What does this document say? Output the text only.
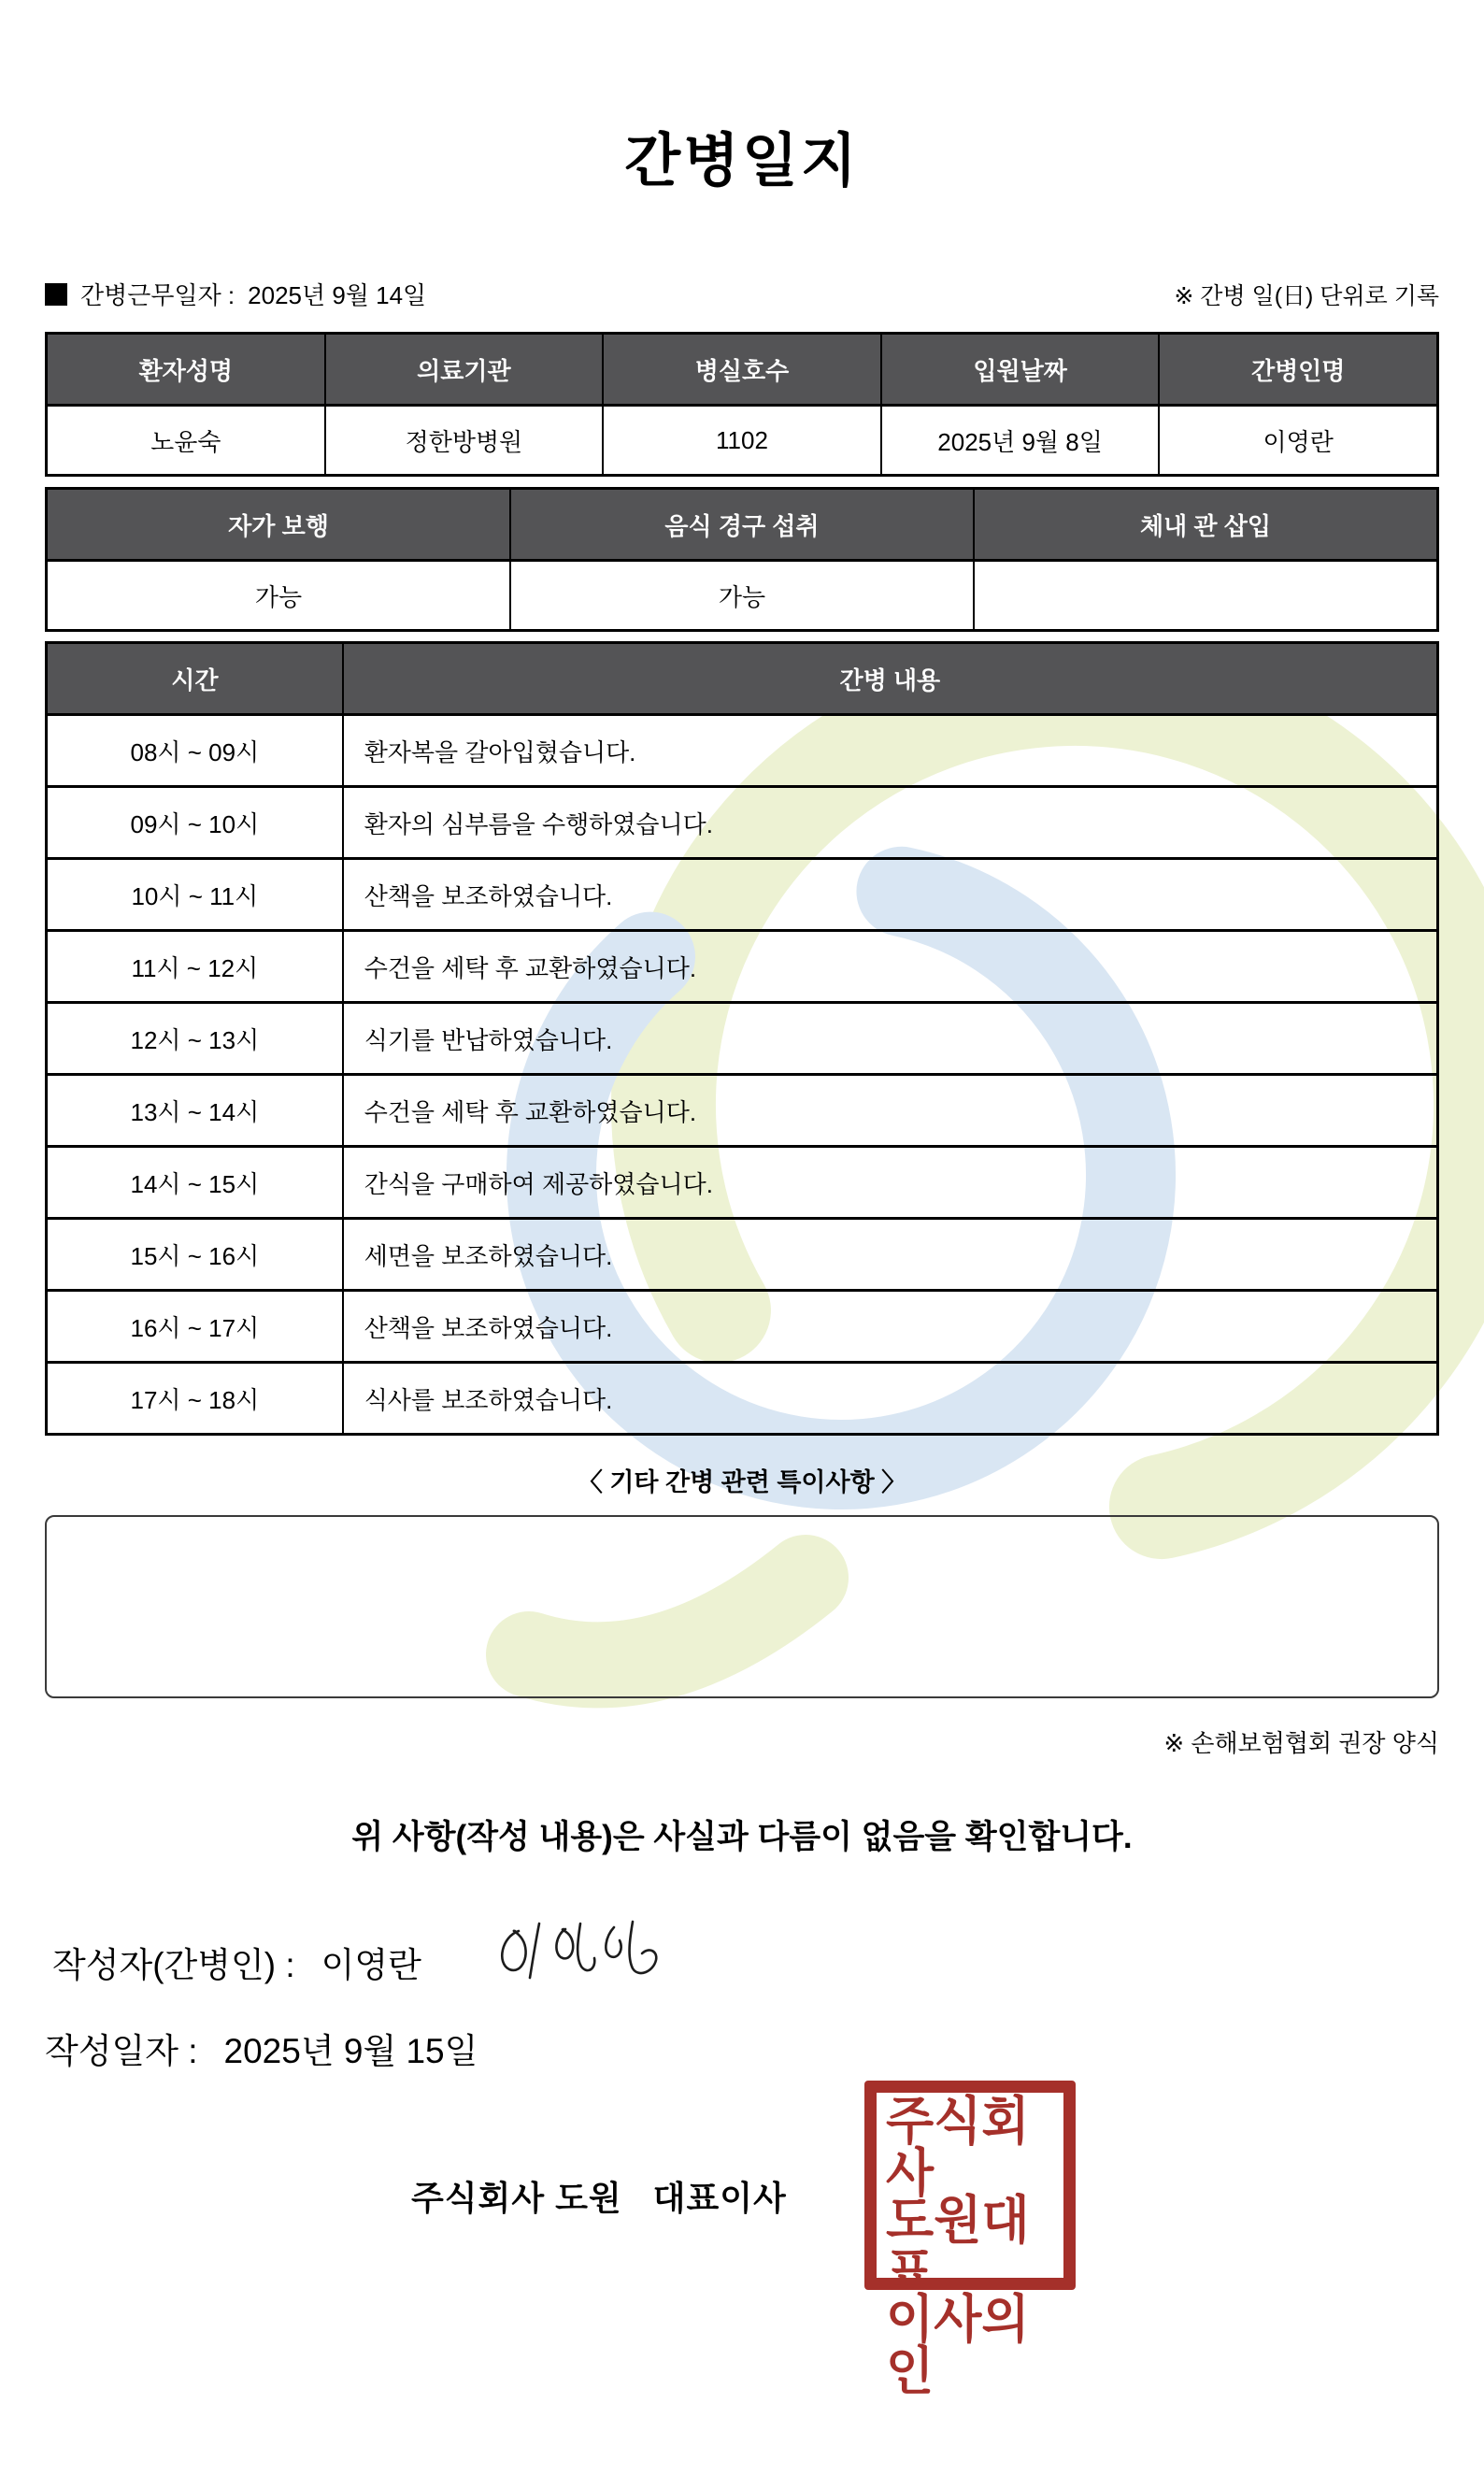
간병일지
간병근무일자 : 2025년 9월 14일	※ 간병 일(日) 단위로 기록
환자성명	의료기관	병실호수	입원날짜	간병인명
노윤숙	정한방병원	1102	2025년 9월 8일	이영란
자가 보행	음식 경구 섭취	체내 관 삽입
가능	가능	
시간	간병 내용
08시 ~ 09시	환자복을 갈아입혔습니다.
09시 ~ 10시	환자의 심부름을 수행하였습니다.
10시 ~ 11시	산책을 보조하였습니다.
11시 ~ 12시	수건을 세탁 후 교환하였습니다.
12시 ~ 13시	식기를 반납하였습니다.
13시 ~ 14시	수건을 세탁 후 교환하였습니다.
14시 ~ 15시	간식을 구매하여 제공하였습니다.
15시 ~ 16시	세면을 보조하였습니다.
16시 ~ 17시	산책을 보조하였습니다.
17시 ~ 18시	식사를 보조하였습니다.
〈 기타 간병 관련 특이사항 〉
※ 손해보험협회 권장 양식
위 사항(작성 내용)은 사실과 다름이 없음을 확인합니다.
작성자(간병인) : 이영란
작성일자 : 2025년 9월 15일
주식회사 도원   대표이사
주식회사
도원대표
이사의인
